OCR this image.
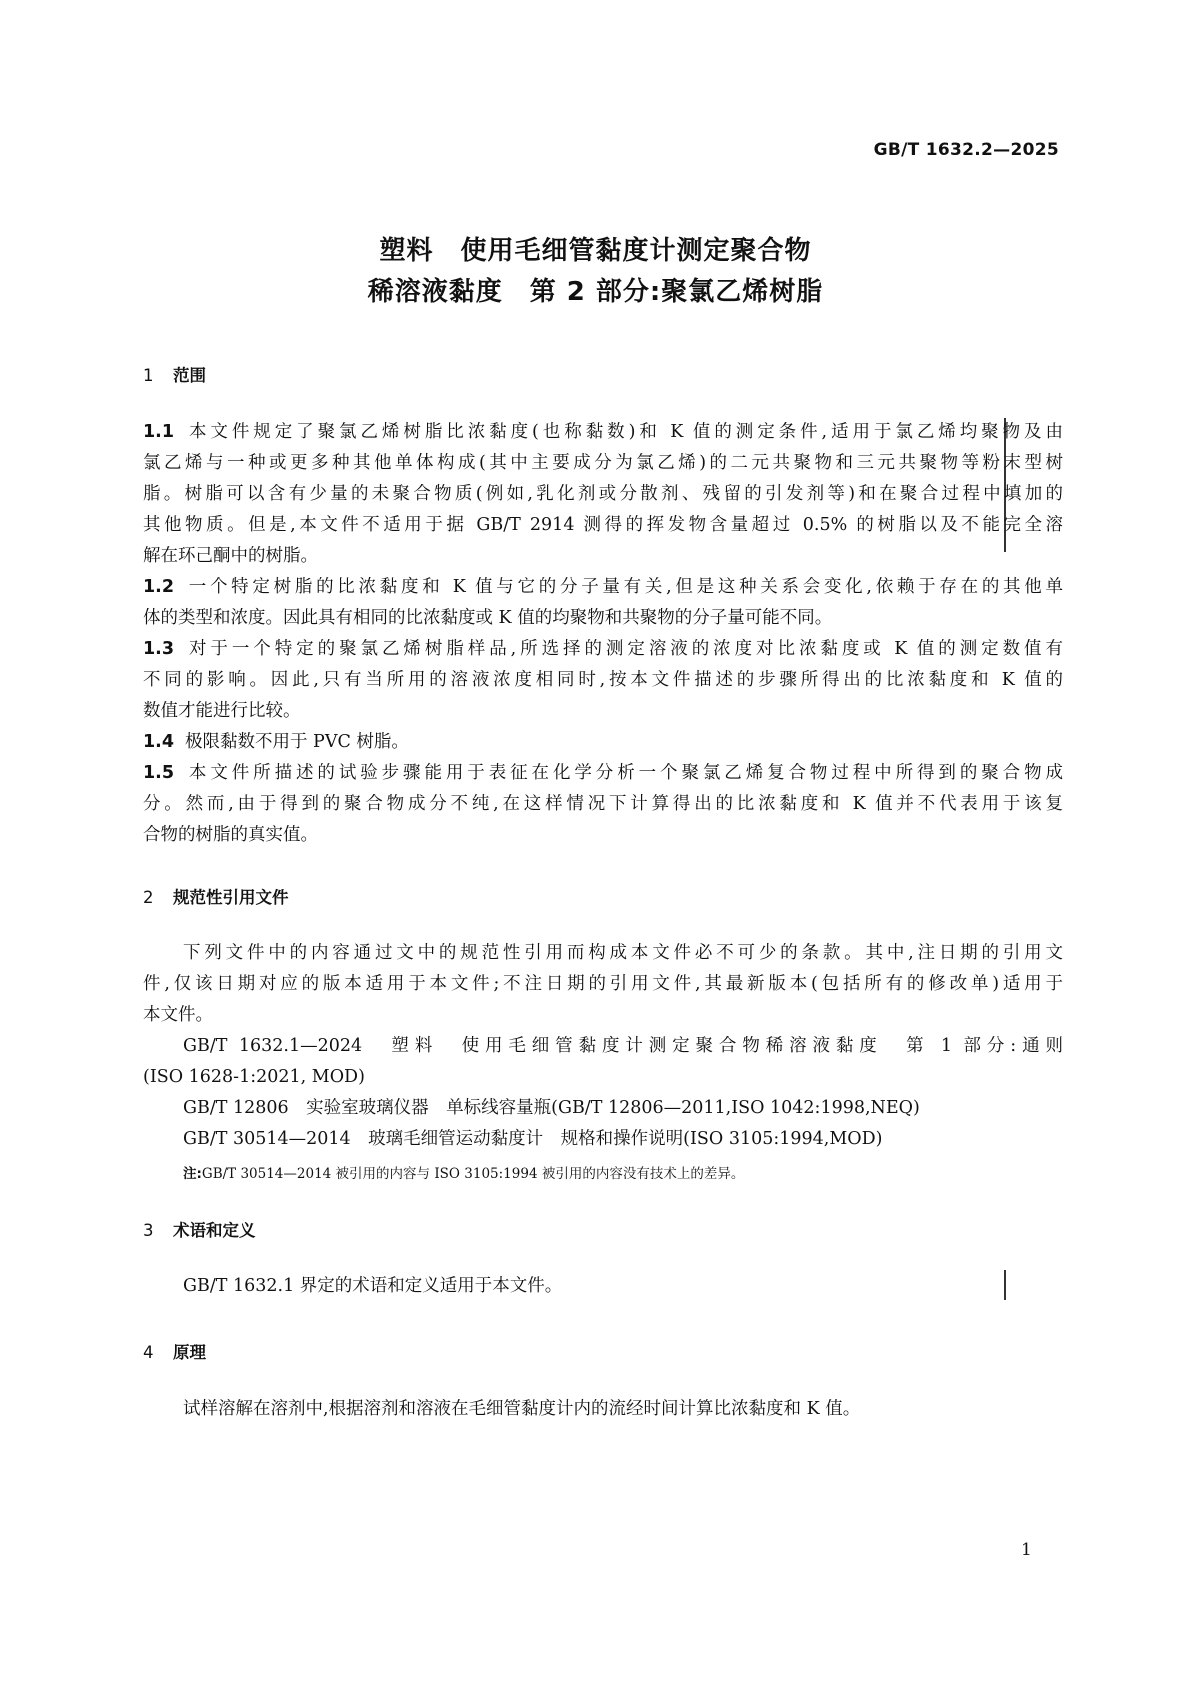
GB/T 1632.2—2025
塑料　使用毛细管黏度计测定聚合物
稀溶液黏度　第 2 部分:聚氯乙烯树脂
1 范围
1.1 本文件规定了聚氯乙烯树脂比浓黏度(也称黏数)和 K 值的测定条件,适用于氯乙烯均聚物及由
氯乙烯与一种或更多种其他单体构成(其中主要成分为氯乙烯)的二元共聚物和三元共聚物等粉末型树
脂。树脂可以含有少量的未聚合物质(例如,乳化剂或分散剂、残留的引发剂等)和在聚合过程中填加的
其他物质。但是,本文件不适用于据 GB/T 2914 测得的挥发物含量超过 0.5% 的树脂以及不能完全溶
解在环己酮中的树脂。
1.2 一个特定树脂的比浓黏度和 K 值与它的分子量有关,但是这种关系会变化,依赖于存在的其他单
体的类型和浓度。因此具有相同的比浓黏度或 K 值的均聚物和共聚物的分子量可能不同。
1.3 对于一个特定的聚氯乙烯树脂样品,所选择的测定溶液的浓度对比浓黏度或 K 值的测定数值有
不同的影响。因此,只有当所用的溶液浓度相同时,按本文件描述的步骤所得出的比浓黏度和 K 值的
数值才能进行比较。
1.4 极限黏数不用于 PVC 树脂。
1.5 本文件所描述的试验步骤能用于表征在化学分析一个聚氯乙烯复合物过程中所得到的聚合物成
分。然而,由于得到的聚合物成分不纯,在这样情况下计算得出的比浓黏度和 K 值并不代表用于该复
合物的树脂的真实值。
2 规范性引用文件
下列文件中的内容通过文中的规范性引用而构成本文件必不可少的条款。其中,注日期的引用文
件,仅该日期对应的版本适用于本文件;不注日期的引用文件,其最新版本(包括所有的修改单)适用于
本文件。
GB/T 1632.1—2024　塑料　使用毛细管黏度计测定聚合物稀溶液黏度　第 1 部分:通则
(ISO 1628-1:2021, MOD)
GB/T 12806　实验室玻璃仪器　单标线容量瓶(GB/T 12806—2011,ISO 1042:1998,NEQ)
GB/T 30514—2014　玻璃毛细管运动黏度计　规格和操作说明(ISO 3105:1994,MOD)
注:GB/T 30514—2014 被引用的内容与 ISO 3105:1994 被引用的内容没有技术上的差异。
3 术语和定义
GB/T 1632.1 界定的术语和定义适用于本文件。
4 原理
试样溶解在溶剂中,根据溶剂和溶液在毛细管黏度计内的流经时间计算比浓黏度和 K 值。
1
